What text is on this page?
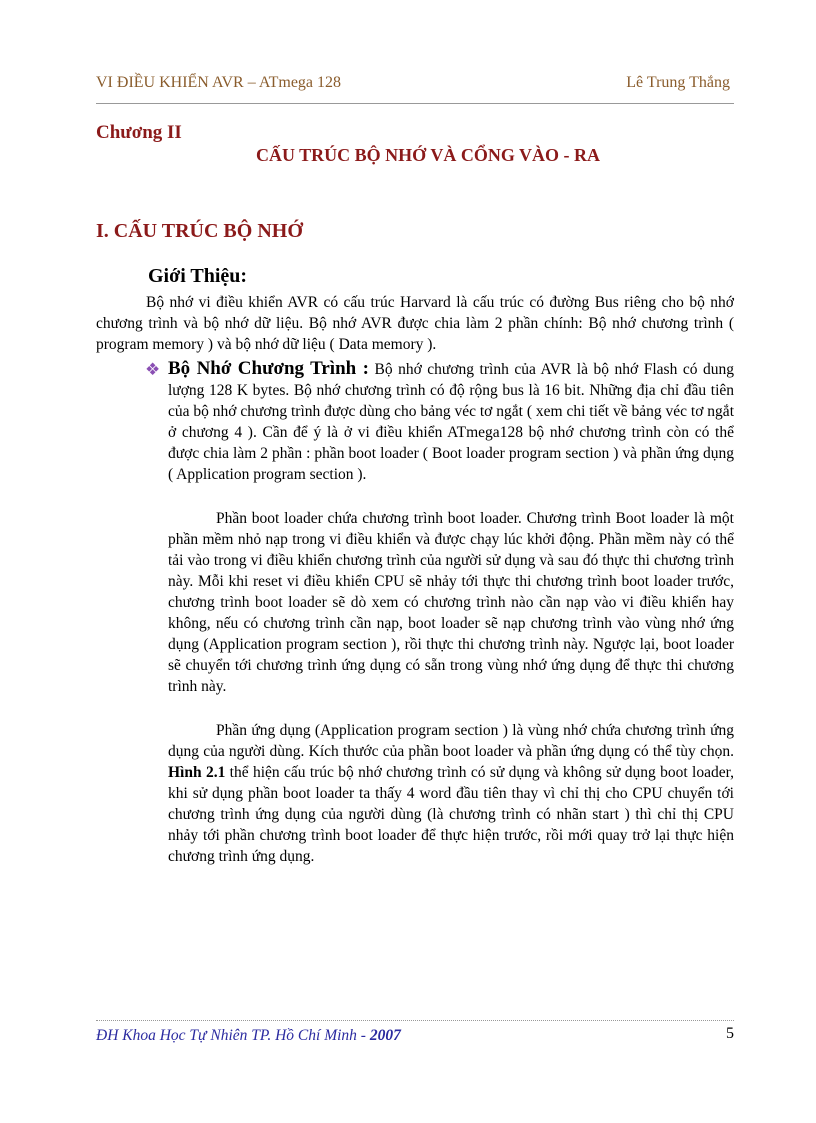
VI ĐIỀU KHIỂN AVR – ATmega 128	Lê Trung Thắng
Chương II
CẤU TRÚC BỘ NHỚ VÀ CỔNG VÀO - RA
I. CẤU TRÚC BỘ NHỚ
Giới Thiệu:
Bộ nhớ vi điều khiển AVR có cấu trúc Harvard là cấu trúc có đường Bus riêng cho bộ nhớ chương trình và bộ nhớ dữ liệu. Bộ nhớ AVR được chia làm 2 phần chính: Bộ nhớ chương trình ( program memory ) và bộ nhớ dữ liệu ( Data memory ).
❖ Bộ Nhớ Chương Trình : Bộ nhớ chương trình của AVR là bộ nhớ Flash có dung lượng 128 K bytes. Bộ nhớ chương trình có độ rộng bus là 16 bit. Những địa chỉ đầu tiên của bộ nhớ chương trình được dùng cho bảng véc tơ ngắt ( xem chi tiết về bảng véc tơ ngắt ở chương 4 ). Cần để ý là ở vi điều khiển ATmega128 bộ nhớ chương trình còn có thể được chia làm 2 phần : phần boot loader ( Boot loader program section ) và phần ứng dụng ( Application program section ).
Phần boot loader chứa chương trình boot loader. Chương trình Boot loader là một phần mềm nhỏ nạp trong vi điều khiển và được chạy lúc khởi động. Phần mềm này có thể tải vào trong vi điều khiển chương trình của người sử dụng và sau đó thực thi chương trình này. Mỗi khi reset vi điều khiển CPU sẽ nhảy tới thực thi chương trình boot loader trước, chương trình boot loader sẽ dò xem có chương trình nào cần nạp vào vi điều khiển hay không, nếu có chương trình cần nạp, boot loader sẽ nạp chương trình vào vùng nhớ ứng dụng (Application program section ), rồi thực thi chương trình này. Ngược lại, boot loader sẽ chuyển tới chương trình ứng dụng có sẵn trong vùng nhớ ứng dụng để thực thi chương trình này.
Phần ứng dụng (Application program section ) là vùng nhớ chứa chương trình ứng dụng của người dùng. Kích thước của phần boot loader và phần ứng dụng có thể tùy chọn. Hình 2.1 thể hiện cấu trúc bộ nhớ chương trình có sử dụng và không sử dụng boot loader, khi sử dụng phần boot loader ta thấy 4 word đầu tiên thay vì chỉ thị cho CPU chuyển tới chương trình ứng dụng của người dùng (là chương trình có nhãn start ) thì chỉ thị CPU nhảy tới phần chương trình boot loader để thực hiện trước, rồi mới quay trở lại thực hiện chương trình ứng dụng.
ĐH Khoa Học Tự Nhiên TP. Hồ Chí Minh - 2007	5
